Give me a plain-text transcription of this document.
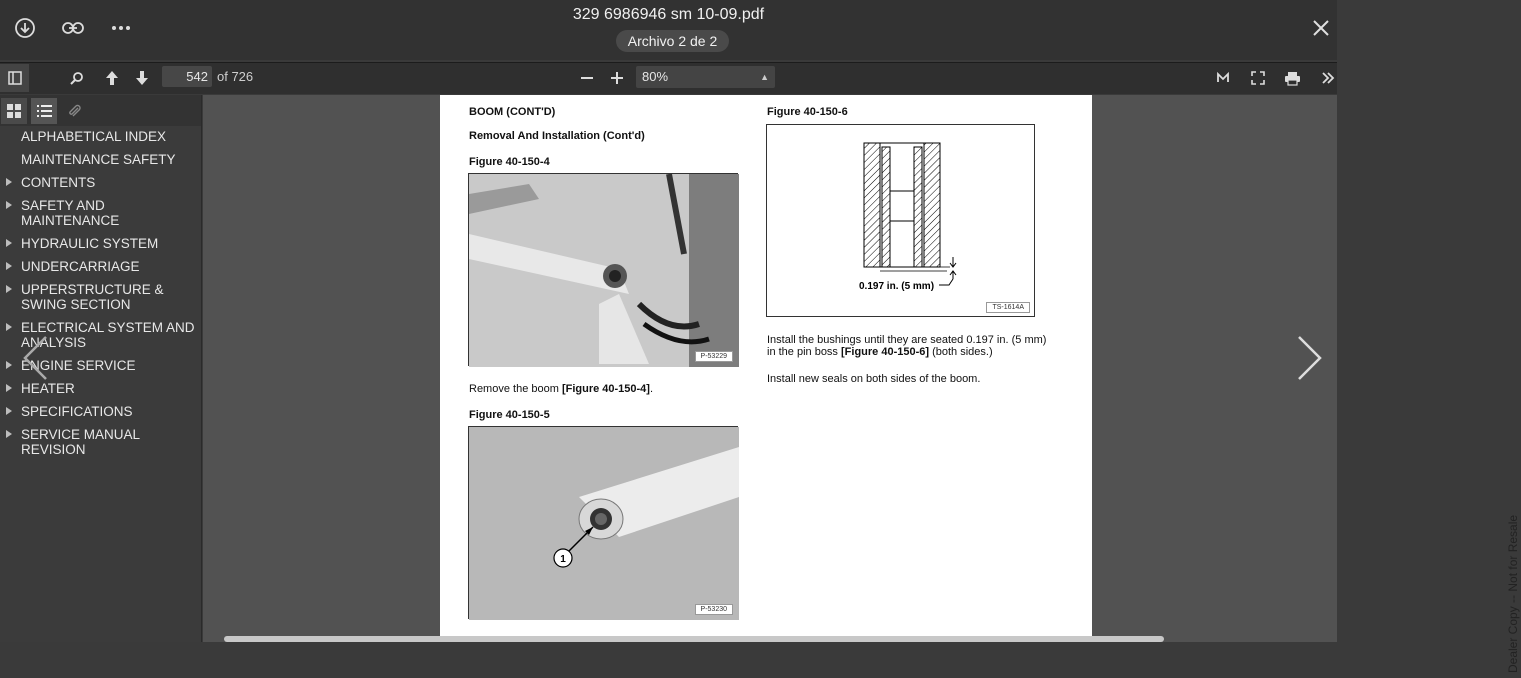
329 6986946 sm 10-09.pdf
Archivo 2 de 2
542
of 726	80%	▲

ALPHABETICAL INDEX
MAINTENANCE SAFETY
CONTENTS
SAFETY AND MAINTENANCE
HYDRAULIC SYSTEM
UNDERCARRIAGE
UPPERSTRUCTURE & SWING SECTION
ELECTRICAL SYSTEM AND ANALYSIS
ENGINE SERVICE
HEATER
SPECIFICATIONS
SERVICE MANUAL REVISION
BOOM (CONT'D)
Removal And Installation (Cont'd)
Figure 40-150-4
P-53229
Remove the boom [Figure 40-150-4].
Figure 40-150-5
1
P-53230
Figure 40-150-6
Install the bushings until they are seated 0.197 in. (5 mm)
in the pin boss [Figure 40-150-6] (both sides.)
Install new seals on both sides of the boom.
Dealer Copy -- Not for Resale
0.197 in. (5 mm)
TS-1614A
